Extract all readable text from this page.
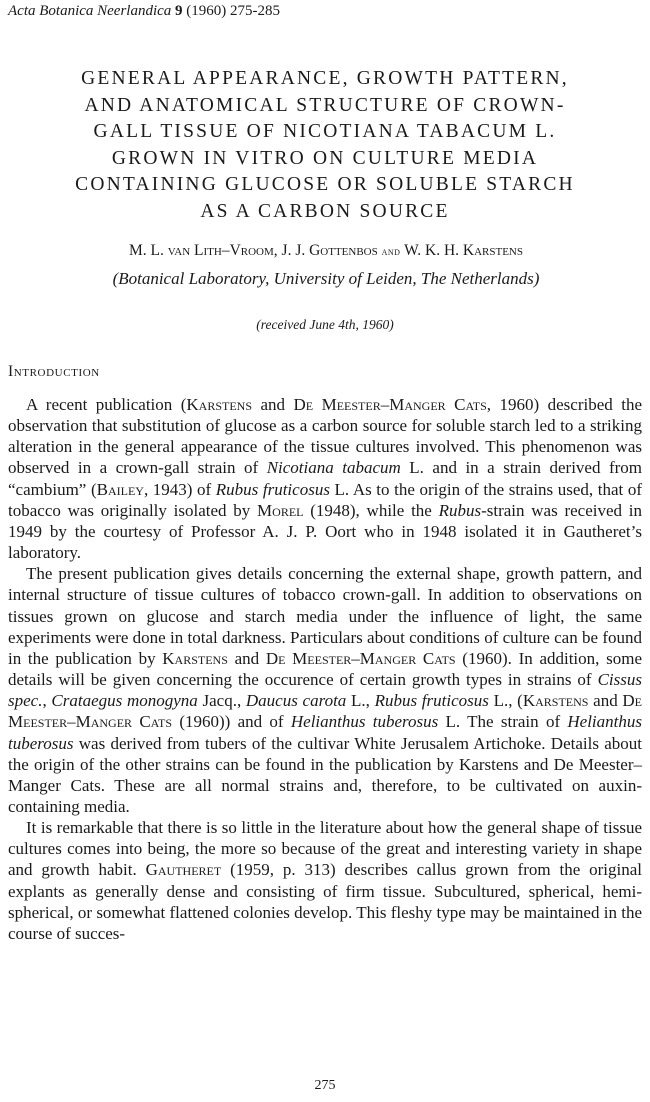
Acta Botanica Neerlandica 9 (1960) 275-285
GENERAL APPEARANCE, GROWTH PATTERN,
AND ANATOMICAL STRUCTURE OF CROWN-
GALL TISSUE OF NICOTIANA TABACUM L.
GROWN IN VITRO ON CULTURE MEDIA
CONTAINING GLUCOSE OR SOLUBLE STARCH
AS A CARBON SOURCE
M. L. van Lith–Vroom, J. J. Gottenbos and W. K. H. Karstens
(Botanical Laboratory, University of Leiden, The Netherlands)
(received June 4th, 1960)
Introduction

A recent publication (Karstens and De Meester–Manger Cats, 1960) described the observation that substitution of glucose as a carbon source for soluble starch led to a striking alteration in the general appearance of the tissue cultures involved. This phenomenon was observed in a crown-gall strain of Nicotiana tabacum L. and in a strain derived from “cambium” (Bailey, 1943) of Rubus fruticosus L. As to the origin of the strains used, that of tobacco was originally isolated by Morel (1948), while the Rubus-strain was received in 1949 by the courtesy of Professor A. J. P. Oort who in 1948 isolated it in Gautheret’s laboratory.

The present publication gives details concerning the external shape, growth pattern, and internal structure of tissue cultures of tobacco crown-gall. In addition to observations on tissues grown on glucose and starch media under the influence of light, the same experiments were done in total darkness. Particulars about conditions of culture can be found in the publication by Karstens and De Meester–Manger Cats (1960). In addition, some details will be given concerning the occurence of certain growth types in strains of Cissus spec., Crataegus monogyna Jacq., Daucus carota L., Rubus fruticosus L., (Karstens and De Meester–Manger Cats (1960)) and of Helianthus tuberosus L. The strain of Helianthus tuberosus was derived from tubers of the cultivar White Jerusalem Artichoke. Details about the origin of the other strains can be found in the publication by Karstens and De Meester–Manger Cats. These are all normal strains and, therefore, to be cultivated on auxin-containing media.

It is remarkable that there is so little in the literature about how the general shape of tissue cultures comes into being, the more so because of the great and interesting variety in shape and growth habit. Gautheret (1959, p. 313) describes callus grown from the original explants as generally dense and consisting of firm tissue. Subcultured, spherical, hemi-spherical, or somewhat flattened colonies develop. This fleshy type may be maintained in the course of succes-

275
